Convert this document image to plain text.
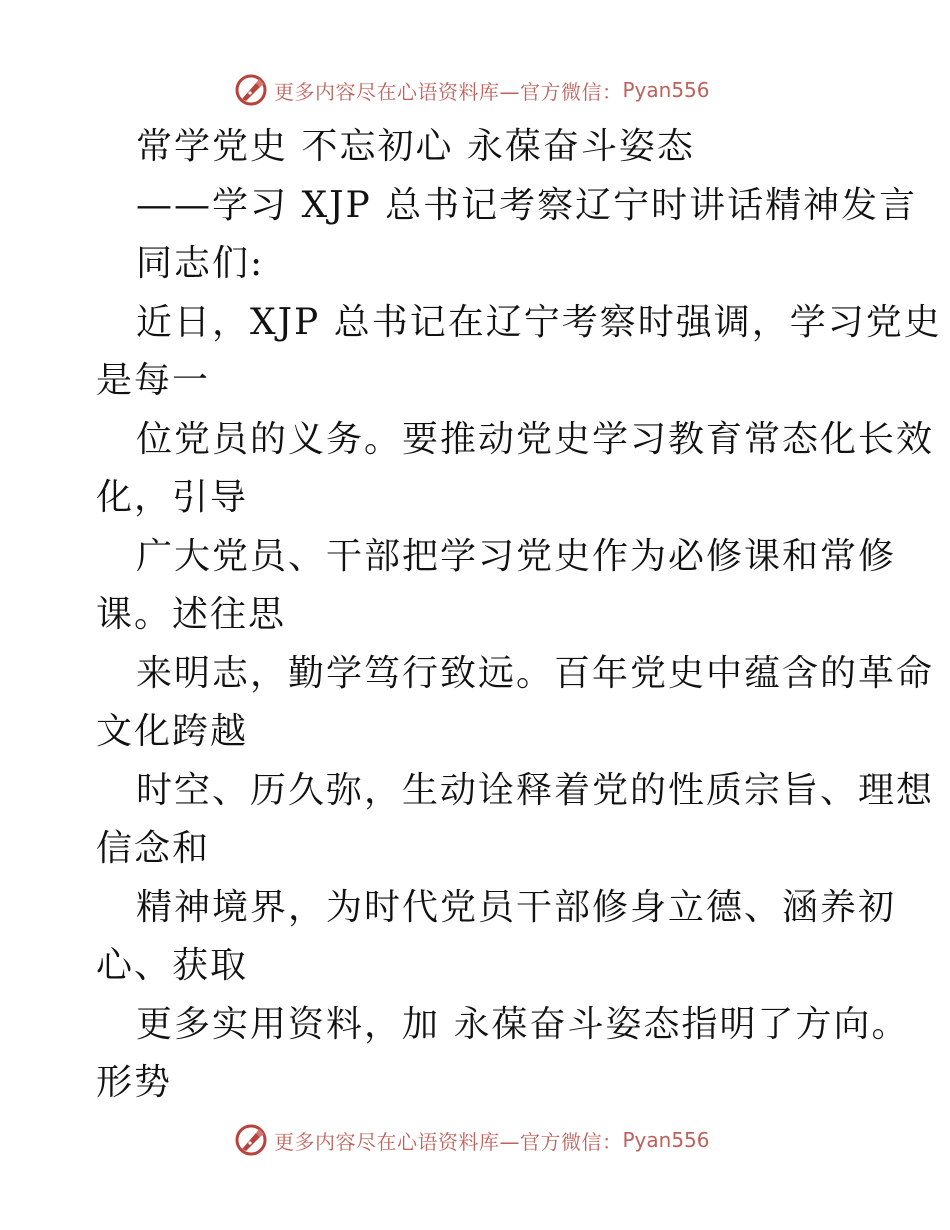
更多内容尽在心语资料库—官方微信： Pyan556
常学党史 不忘初心 永葆奋斗姿态
——学习 XJP 总书记考察辽宁时讲话精神发言
同志们:
近日，XJP 总书记在辽宁考察时强调，学习党史
是每一
位党员的义务。要推动党史学习教育常态化长效
化，引导
广大党员、干部把学习党史作为必修课和常修
课。述往思
来明志，勤学笃行致远。百年党史中蕴含的革命
文化跨越
时空、历久弥，生动诠释着党的性质宗旨、理想
信念和
精神境界，为时代党员干部修身立德、涵养初
心、获取
更多实用资料，加 永葆奋斗姿态指明了方向。
形势
更多内容尽在心语资料库—官方微信： Pyan556
